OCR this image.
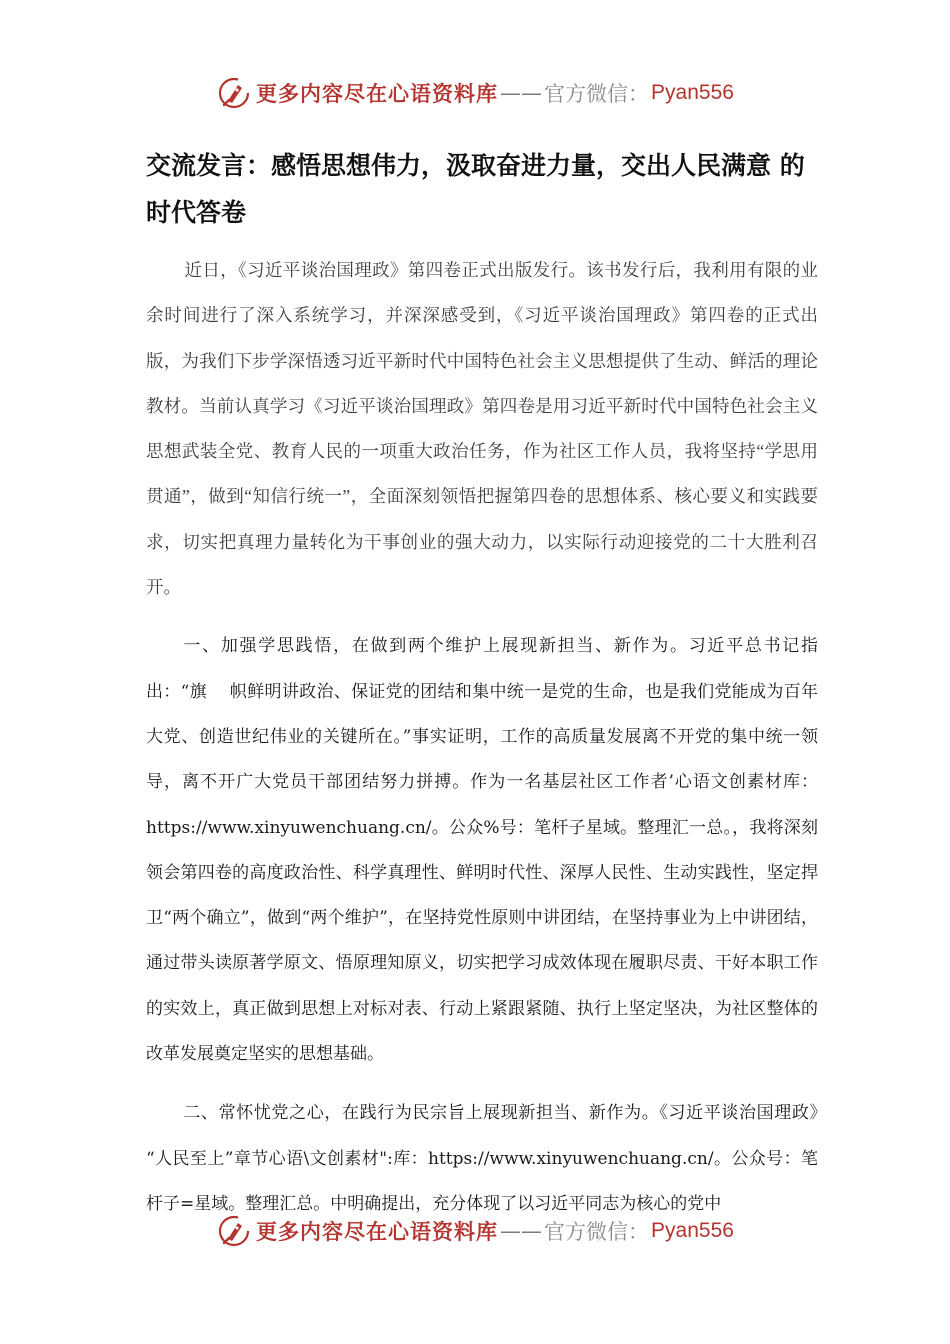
更多内容尽在心语资料库 —— 官方微信： Pyan556
交流发言：感悟思想伟力，汲取奋进力量，交出人民满意 的时代答卷

近日，《习近平谈治国理政》第四卷正式出版发行。该书发行后，我利用有限的业余时间进行了深入系统学习，并深深感受到，《习近平谈治国理政》第四卷的正式出版，为我们下步学深悟透习近平新时代中国特色社会主义思想提供了生动、鲜活的理论教材。当前认真学习《习近平谈治国理政》第四卷是用习近平新时代中国特色社会主义思想武装全党、教育人民的一项重大政治任务，作为社区工作人员，我将坚持“学思用贯通”，做到“知信行统一”，全面深刻领悟把握第四卷的思想体系、核心要义和实践要求，切实把真理力量转化为干事创业的强大动力，以实际行动迎接党的二十大胜利召开。

一、加强学思践悟，在做到两个维护上展现新担当、新作为。习近平总书记指出：“旗　 帜鲜明讲政治、保证党的团结和集中统一是党的生命，也是我们党能成为百年大党、创造世纪伟业的关键所在。”事实证明，工作的高质量发展离不开党的集中统一领导，离不开广大党员干部团结努力拼搏。作为一名基层社区工作者’心语文创素材库：https://www.xinyuwenchuang.cn/。公众%号：笔杆子星域。整理汇一总。，我将深刻领会第四卷的高度政治性、科学真理性、鲜明时代性、深厚人民性、生动实践性，坚定捍卫“两个确立”，做到“两个维护”，在坚持党性原则中讲团结，在坚持事业为上中讲团结，通过带头读原著学原文、悟原理知原义，切实把学习成效体现在履职尽责、干好本职工作的实效上，真正做到思想上对标对表、行动上紧跟紧随、执行上坚定坚决，为社区整体的改革发展奠定坚实的思想基础。

二、常怀忧党之心，在践行为民宗旨上展现新担当、新作为。《习近平谈治国理政》　 “人民至上”章节心语\文创素材":库：https://www.xinyuwenchuang.cn/。公众号：笔杆子=星域。整理汇总。中明确提出，充分体现了以习近平同志为核心的党中

更多内容尽在心语资料库 —— 官方微信： Pyan556
